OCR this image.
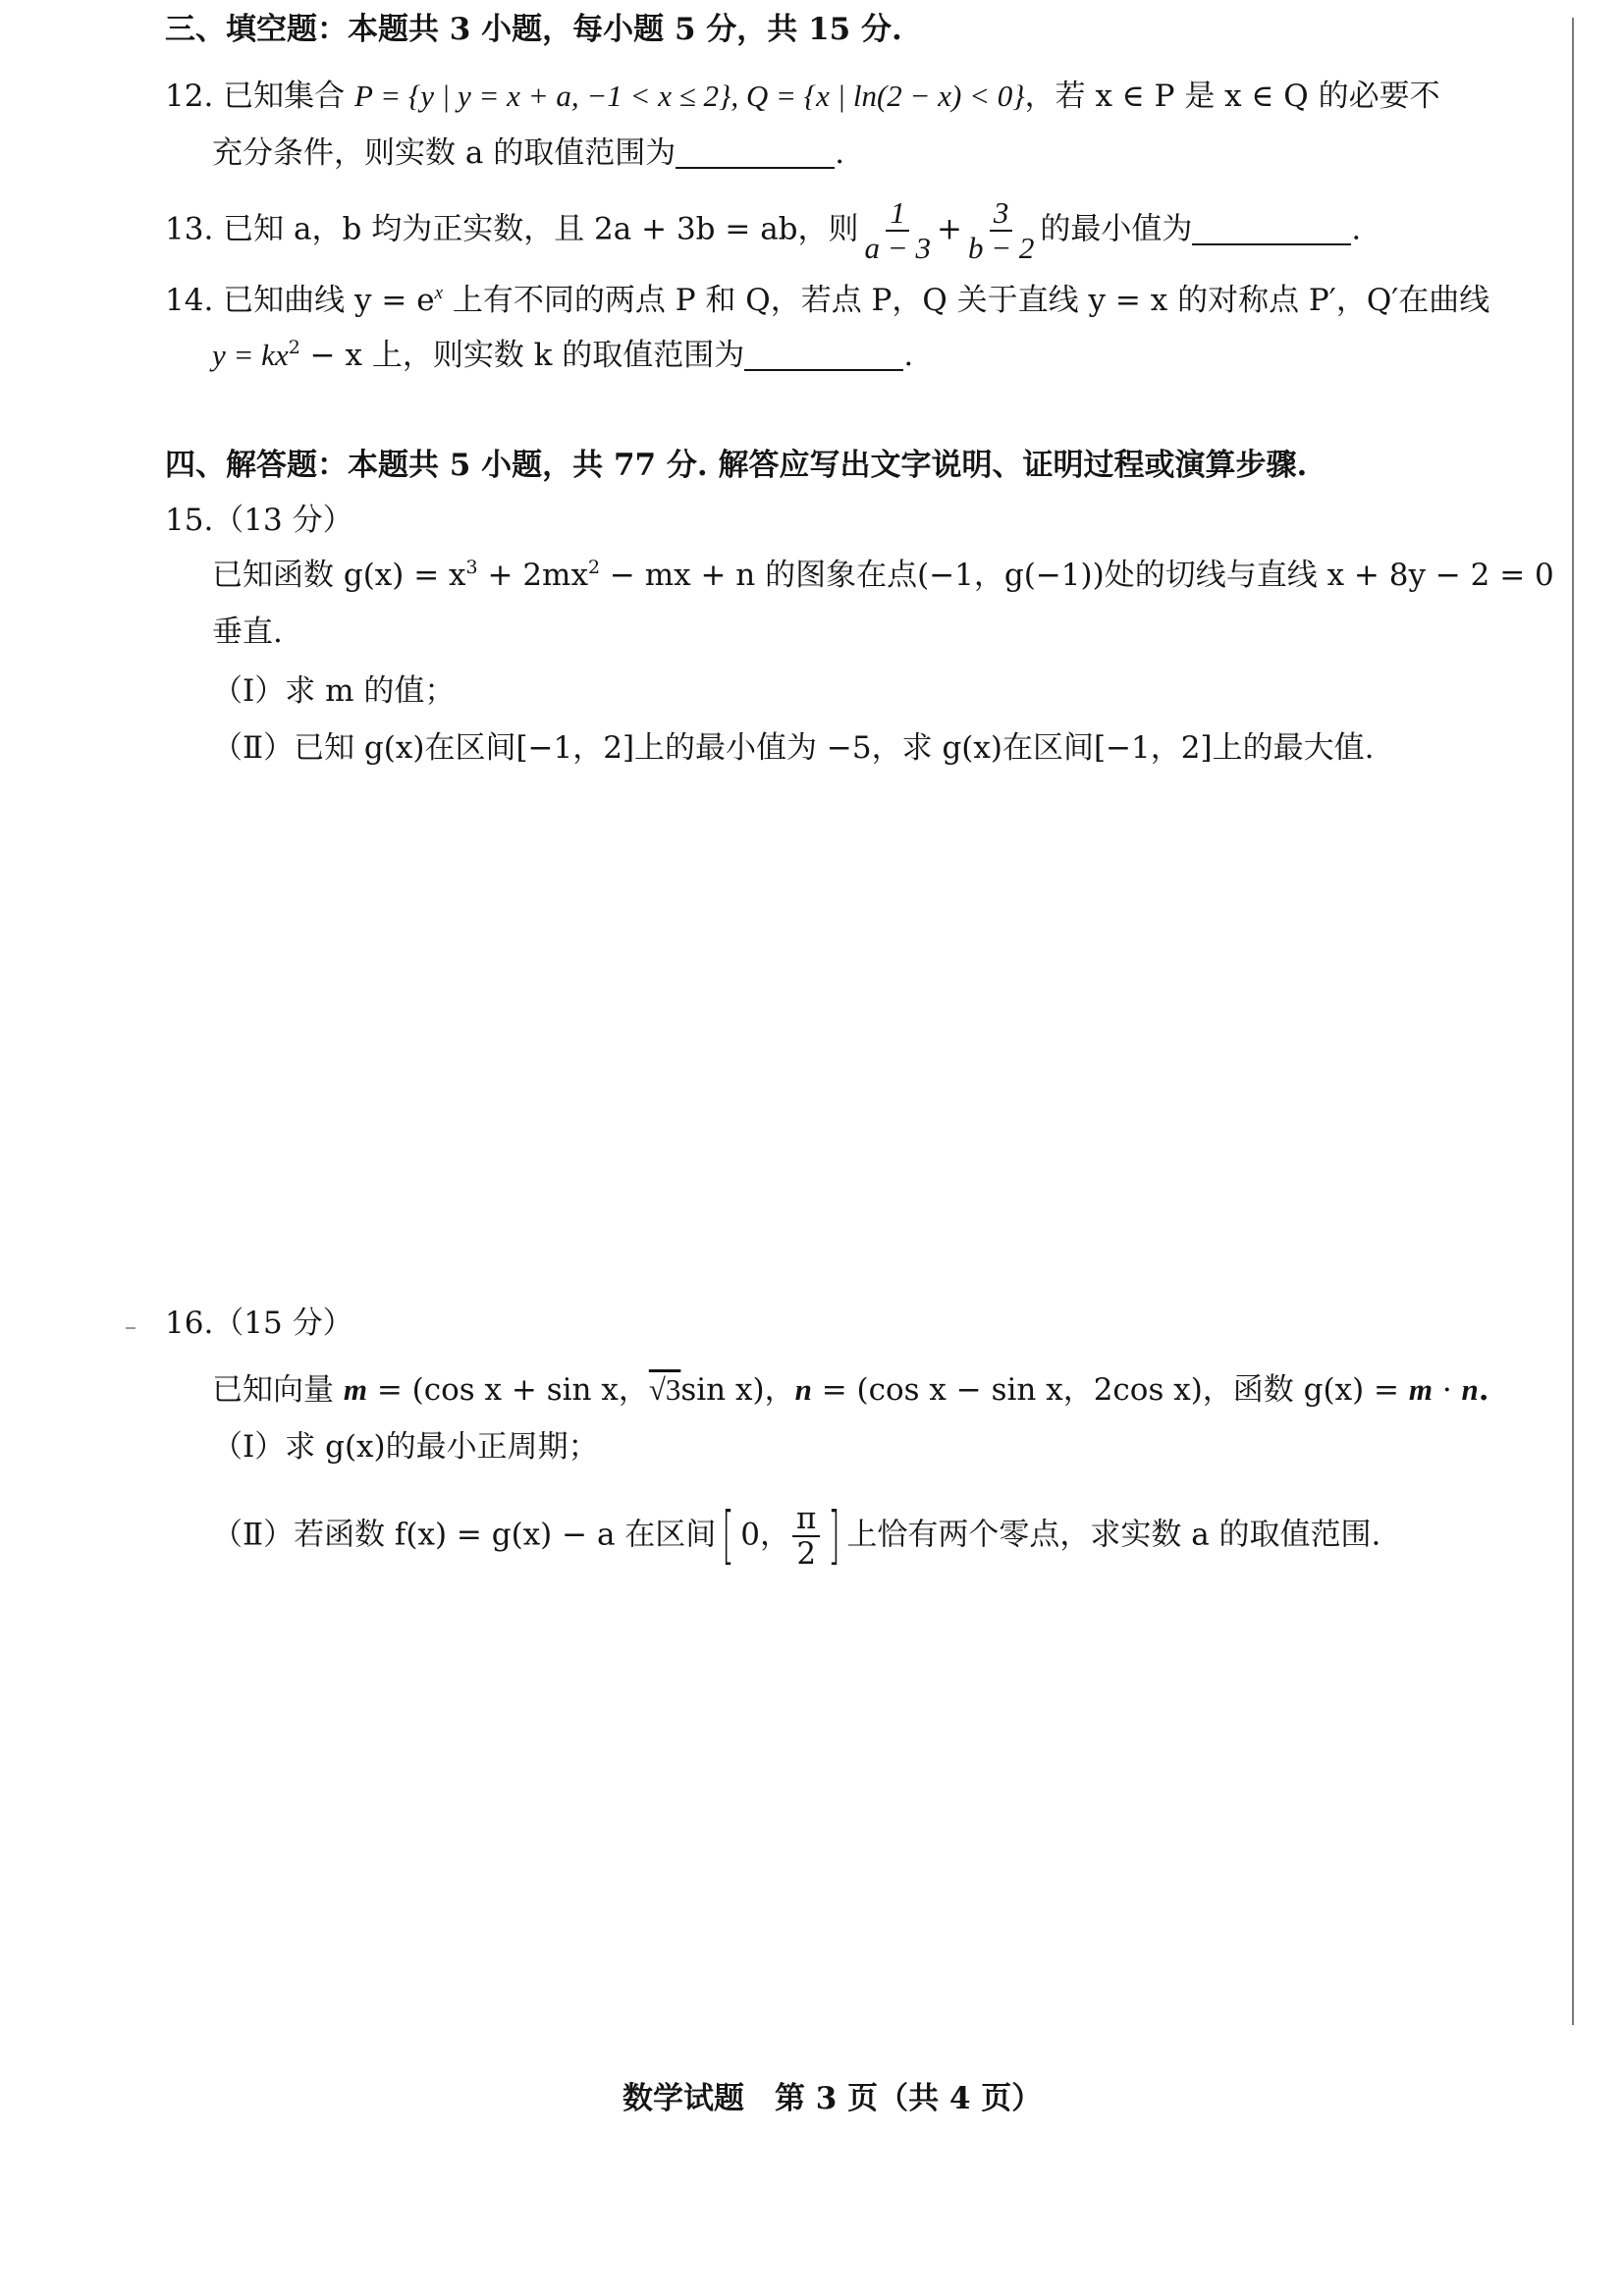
三、填空题：本题共 3 小题，每小题 5 分，共 15 分.
12. 已知集合 P = {y | y = x + a, −1 < x ≤ 2}, Q = {x | ln(2 − x) < 0}，若 x ∈ P 是 x ∈ Q 的必要不
充分条件，则实数 a 的取值范围为	.
13. 已知 a，b 均为正实数，且 2a + 3b = ab，则 $\frac{1}{a - 3} + \frac{3}{b - 2}$ 的最小值为	.
14. 已知曲线 $y = e^x$ 上有不同的两点 P 和 Q，若点 P，Q 关于直线 y = x 的对称点 P′，Q′在曲线
$y = kx^2 - x$ 上，则实数 k 的取值范围为	.
四、解答题：本题共 5 小题，共 77 分. 解答应写出文字说明、证明过程或演算步骤.
15.（13 分）
已知函数 $g(x) = x^3 + 2mx^2$ − mx + n 的图象在点(−1，g(−1))处的切线与直线 x + 8y − 2 = 0
垂直.
（Ⅰ）求 m 的值；
（Ⅱ）已知 g(x)在区间[−1，2]上的最小值为 −5，求 g(x)在区间[−1，2]上的最大值.
16.（15 分）
已知向量 m = (cos x + sin x，√3sin x)，n = (cos x − sin x，2cos x)，函数 g(x) = m · n.
（Ⅰ）求 g(x)的最小正周期；
（Ⅱ）若函数 f(x) = g(x) − a 在区间[ 0， $\frac{\pi}{2}$ ] 上恰有两个零点，求实数 a 的取值范围.
数学试题　第 3 页（共 4 页）
